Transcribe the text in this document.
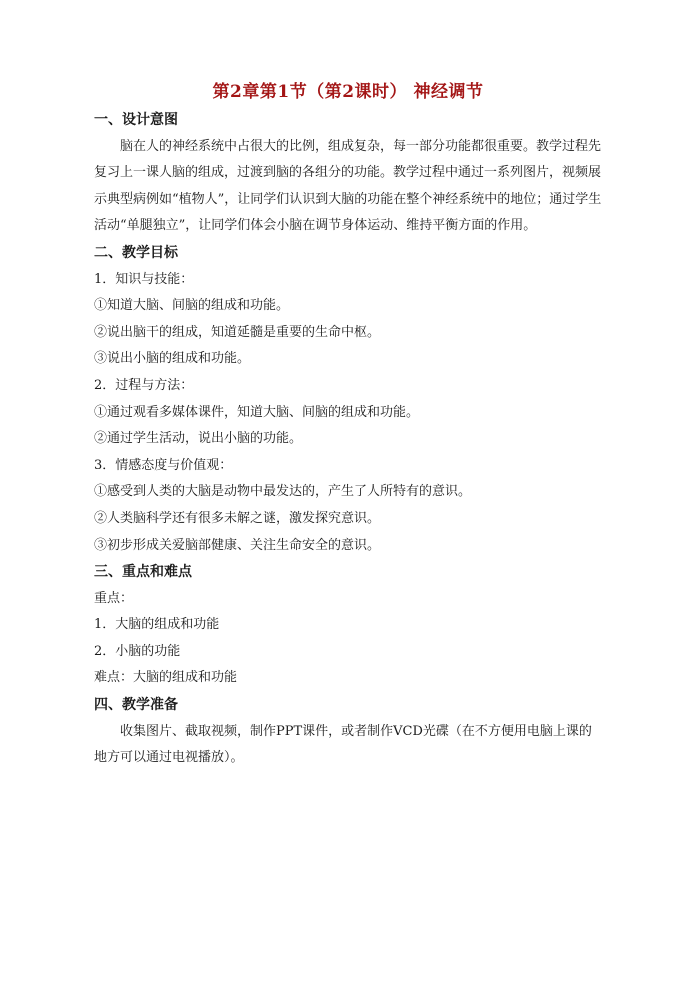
第2章第1节（第2课时） 神经调节
一、设计意图

脑在人的神经系统中占很大的比例，组成复杂，每一部分功能都很重要。教学过程先复习上一课人脑的组成，过渡到脑的各组分的功能。教学过程中通过一系列图片，视频展示典型病例如“植物人”，让同学们认识到大脑的功能在整个神经系统中的地位；通过学生活动“单腿独立”，让同学们体会小脑在调节身体运动、维持平衡方面的作用。

二、教学目标

1．知识与技能：

①知道大脑、间脑的组成和功能。

②说出脑干的组成，知道延髓是重要的生命中枢。

③说出小脑的组成和功能。

2．过程与方法：

①通过观看多媒体课件，知道大脑、间脑的组成和功能。

②通过学生活动，说出小脑的功能。

3．情感态度与价值观：

①感受到人类的大脑是动物中最发达的，产生了人所特有的意识。

②人类脑科学还有很多未解之谜，激发探究意识。

③初步形成关爱脑部健康、关注生命安全的意识。

三、重点和难点

重点：

1．大脑的组成和功能

2．小脑的功能

难点：大脑的组成和功能

四、教学准备

收集图片、截取视频，制作PPT课件，或者制作VCD光碟（在不方便用电脑上课的地方可以通过电视播放）。
